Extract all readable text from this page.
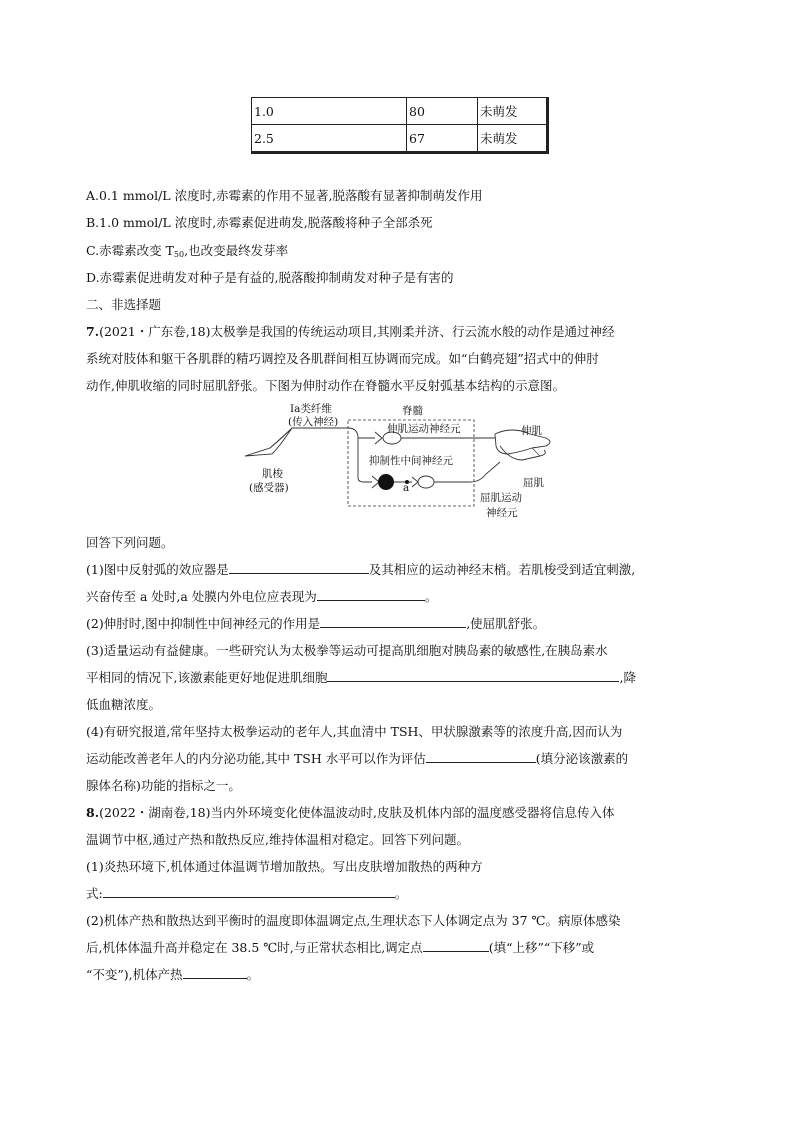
1.0	80	未萌发
2.5	67	未萌发
A.0.1 mmol/L 浓度时,赤霉素的作用不显著,脱落酸有显著抑制萌发作用
B.1.0 mmol/L 浓度时,赤霉素促进萌发,脱落酸将种子全部杀死
C.赤霉素改变 $T_{50}$,也改变最终发芽率
D.赤霉素促进萌发对种子是有益的,脱落酸抑制萌发对种子是有害的
二、非选择题
7.(2021・广东卷,18)太极拳是我国的传统运动项目,其刚柔并济、行云流水般的动作是通过神经
系统对肢体和躯干各肌群的精巧调控及各肌群间相互协调而完成。如“白鹤亮翅”招式中的伸肘
动作,伸肌收缩的同时屈肌舒张。下图为伸肘动作在脊髓水平反射弧基本结构的示意图。
Ia类纤维
(传入神经)
脊髓
伸肌运动神经元	伸肌
抑制性中间神经元
a	屈肌
肌梭
(感受器)
屈肌运动
神经元
回答下列问题。
(1)图中反射弧的效应器是	及其相应的运动神经末梢。若肌梭受到适宜刺激,
兴奋传至 a 处时,a 处膜内外电位应表现为	。
(2)伸肘时,图中抑制性中间神经元的作用是	,使屈肌舒张。
(3)适量运动有益健康。一些研究认为太极拳等运动可提高肌细胞对胰岛素的敏感性,在胰岛素水
平相同的情况下,该激素能更好地促进肌细胞	,降
低血糖浓度。
(4)有研究报道,常年坚持太极拳运动的老年人,其血清中 TSH、甲状腺激素等的浓度升高,因而认为
运动能改善老年人的内分泌功能,其中 TSH 水平可以作为评估	(填分泌该激素的
腺体名称)功能的指标之一。
8.(2022・湖南卷,18)当内外环境变化使体温波动时,皮肤及机体内部的温度感受器将信息传入体
温调节中枢,通过产热和散热反应,维持体温相对稳定。回答下列问题。
(1)炎热环境下,机体通过体温调节增加散热。写出皮肤增加散热的两种方
式:	。
(2)机体产热和散热达到平衡时的温度即体温调定点,生理状态下人体调定点为 37 ℃。病原体感染
后,机体体温升高并稳定在 38.5 ℃时,与正常状态相比,调定点	(填“上移”“下移”或
“不变”),机体产热	。
